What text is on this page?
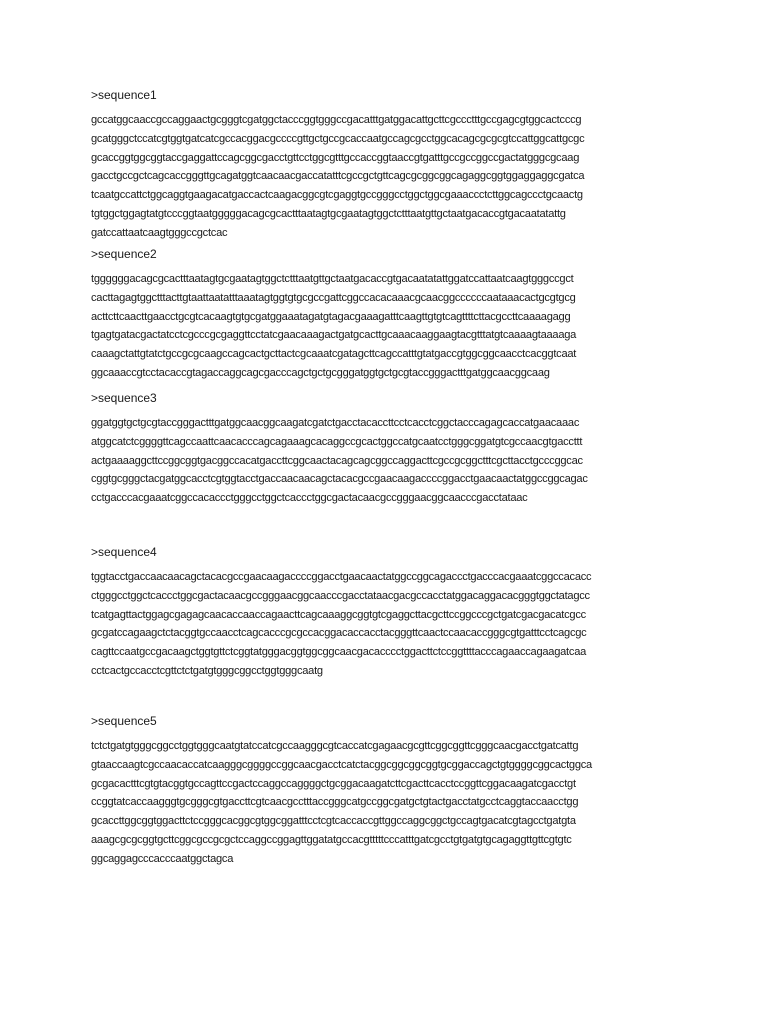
>sequence1
gccatggcaaccgccaggaactgcgggtcgatggctacccggtgggccgacatttgatggacattgcttcgccctttgccgagcgtggcactcccg
gcatgggctccatcgtggtgatcatcgccacggacgccccgttgctgccgcaccaatgccagcgcctggcacagcgcgcgtccattggcattgcgc
gcaccggtggcggtaccgaggattccagcggcgacctgttcctggcgtttgccaccggtaaccgtgatttgccgccggccgactatgggcgcaag
gacctgccgctcagcaccgggttgcagatggtcaacaacgaccatatttcgccgctgttcagcgcggcggcagaggcggtggaggaggcgatca
tcaatgccattctggcaggtgaagacatgaccactcaagacggcgtcgaggtgccgggcctggctggcgaaaccctcttggcagccctgcaactg
tgtggctggagtatgtcccggtaatgggggacagcgcactttaatagtgcgaatagtggctctttaatgttgctaatgacaccgtgacaatatattg
gatccattaatcaagtgggccgctcac
>sequence2
tggggggacagcgcactttaatagtgcgaatagtggctctttaatgttgctaatgacaccgtgacaatatattggatccattaatcaagtgggccgct
cacttagagtggctttacttgtaattaatatttaaatagtggtgtgcgccgattcggccacacaaacgcaacggccccccaataaacactgcgtgcg
acttcttcaacttgaacctgcgtcacaagtgtgcgatggaaatagatgtagacgaaagatttcaagttgtgtcagttttcttacgccttcaaaagagg
tgagtgatacgactatcctcgcccgcgaggttcctatcgaacaaagactgatgcacttgcaaacaaggaagtacgtttatgtcaaaagtaaaaga
caaagctattgtatctgccgcgcaagccagcactgcttactcgcaaatcgatagcttcagccatttgtatgaccgtggcggcaacctcacggtcaat
ggcaaaccgtcctacaccgtagaccaggcagcgacccagctgctgcgggatggtgctgcgtaccgggactttgatggcaacggcaag
>sequence3
ggatggtgctgcgtaccgggactttgatggcaacggcaagatcgatctgacctacaccttcctcacctcggctacccagagcaccatgaacaaac
atggcatctcggggttcagccaattcaacacccagcagaaagcacaggccgcactggccatgcaatcctgggcggatgtcgccaacgtgaccttt
actgaaaaggcttccggcggtgacggccacatgaccttcggcaactacagcagcggccaggacttcgccgcggctttcgcttacctgcccggcac
cggtgcgggctacgatggcacctcgtggtacctgaccaacaacagctacacgccgaacaagaccccggacctgaacaactatggccggcagac
cctgacccacgaaatcggccacaccctgggcctggctcaccctggcgactacaacgccgggaacggcaacccgacctataac
>sequence4
tggtacctgaccaacaacagctacacgccgaacaagaccccggacctgaacaactatggccggcagaccctgacccacgaaatcggccacacc
ctgggcctggctcaccctggcgactacaacgccgggaacggcaacccgacctataacgacgccacctatggacaggacacgggtggctatagcc
tcatgagttactggagcgagagcaacaccaaccagaacttcagcaaaggcggtgtcgaggcttacgcttccggcccgctgatcgacgacatcgcc
gcgatccagaagctctacggtgccaacctcagcacccgcgccacggacaccacctacgggttcaactccaacaccgggcgtgatttcctcagcgc
cagttccaatgccgacaagctggtgttctcggtatgggacggtggcggcaacgacacccctggacttctccggttttacccagaaccagaagatcaa
cctcactgccacctcgttctctgatgtgggcggcctggtgggcaatg
>sequence5
tctctgatgtgggcggcctggtgggcaatgtatccatcgccaagggcgtcaccatcgagaacgcgttcggcggttcgggcaacgacctgatcattg
gtaaccaagtcgccaacaccatcaagggcggggccggcaacgacctcatctacggcggcggcggtgcggaccagctgtggggcggcactggca
gcgacactttcgtgtacggtgccagttccgactccaggccaggggctgcggacaagatcttcgacttcacctccggttcggacaagatcgacctgt
ccggtatcaccaagggtgcgggcgtgaccttcgtcaacgcctttaccgggcatgccggcgatgctgtactgacctatgcctcaggtaccaacctgg
gcaccttggcggtggacttctccgggcacggcgtggcggatttcctcgtcaccaccgttggccaggcggctgccagtgacatcgtagcctgatgta
aaagcgcgcggtgcttcggcgccgcgctccaggccggagttggatatgccacgtttttcccatttgatcgcctgtgatgtgcagaggttgttcgtgtc
ggcaggagcccacccaatggctagca
